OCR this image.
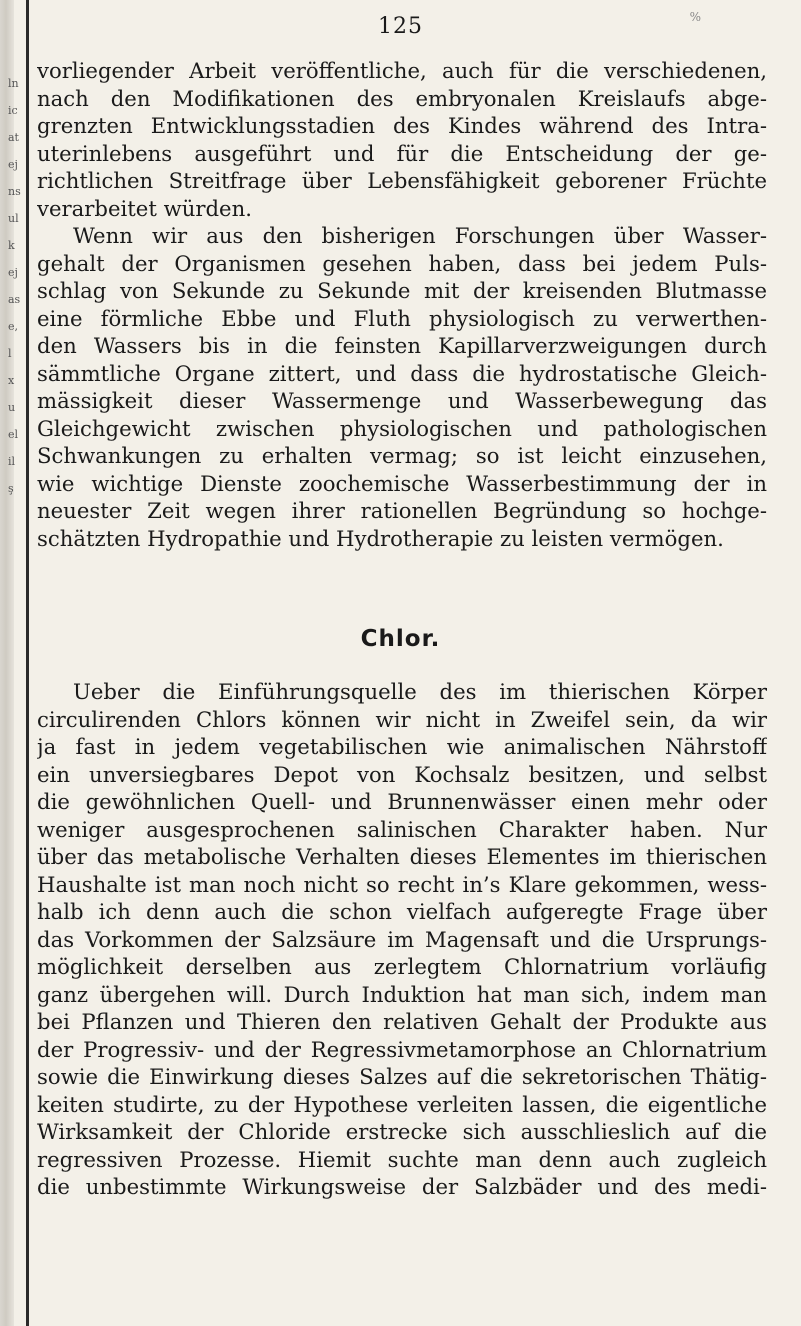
ln
ic
at
ej
ns
ul
k
ej
as
e,
l
x
u
el
il
ş
125	%
vorliegender Arbeit veröffentliche, auch für die verschiedenen,
nach den Modifikationen des embryonalen Kreislaufs abge-
grenzten Entwicklungsstadien des Kindes während des Intra-
uterinlebens ausgeführt und für die Entscheidung der ge-
richtlichen Streitfrage über Lebensfähigkeit geborener Früchte
verarbeitet würden.
Wenn wir aus den bisherigen Forschungen über Wasser-
gehalt der Organismen gesehen haben, dass bei jedem Puls-
schlag von Sekunde zu Sekunde mit der kreisenden Blutmasse
eine förmliche Ebbe und Fluth physiologisch zu verwerthen-
den Wassers bis in die feinsten Kapillarverzweigungen durch
sämmtliche Organe zittert, und dass die hydrostatische Gleich-
mässigkeit dieser Wassermenge und Wasserbewegung das
Gleichgewicht zwischen physiologischen und pathologischen
Schwankungen zu erhalten vermag; so ist leicht einzusehen,
wie wichtige Dienste zoochemische Wasserbestimmung der in
neuester Zeit wegen ihrer rationellen Begründung so hochge-
schätzten Hydropathie und Hydrotherapie zu leisten vermögen.
Chlor.
Ueber die Einführungsquelle des im thierischen Körper
circulirenden Chlors können wir nicht in Zweifel sein, da wir
ja fast in jedem vegetabilischen wie animalischen Nährstoff
ein unversiegbares Depot von Kochsalz besitzen, und selbst
die gewöhnlichen Quell- und Brunnenwässer einen mehr oder
weniger ausgesprochenen salinischen Charakter haben. Nur
über das metabolische Verhalten dieses Elementes im thierischen
Haushalte ist man noch nicht so recht in’s Klare gekommen, wess-
halb ich denn auch die schon vielfach aufgeregte Frage über
das Vorkommen der Salzsäure im Magensaft und die Ursprungs-
möglichkeit derselben aus zerlegtem Chlornatrium vorläufig
ganz übergehen will. Durch Induktion hat man sich, indem man
bei Pflanzen und Thieren den relativen Gehalt der Produkte aus
der Progressiv- und der Regressivmetamorphose an Chlornatrium
sowie die Einwirkung dieses Salzes auf die sekretorischen Thätig-
keiten studirte, zu der Hypothese verleiten lassen, die eigentliche
Wirksamkeit der Chloride erstrecke sich ausschlieslich auf die
regressiven Prozesse. Hiemit suchte man denn auch zugleich
die unbestimmte Wirkungsweise der Salzbäder und des medi-
